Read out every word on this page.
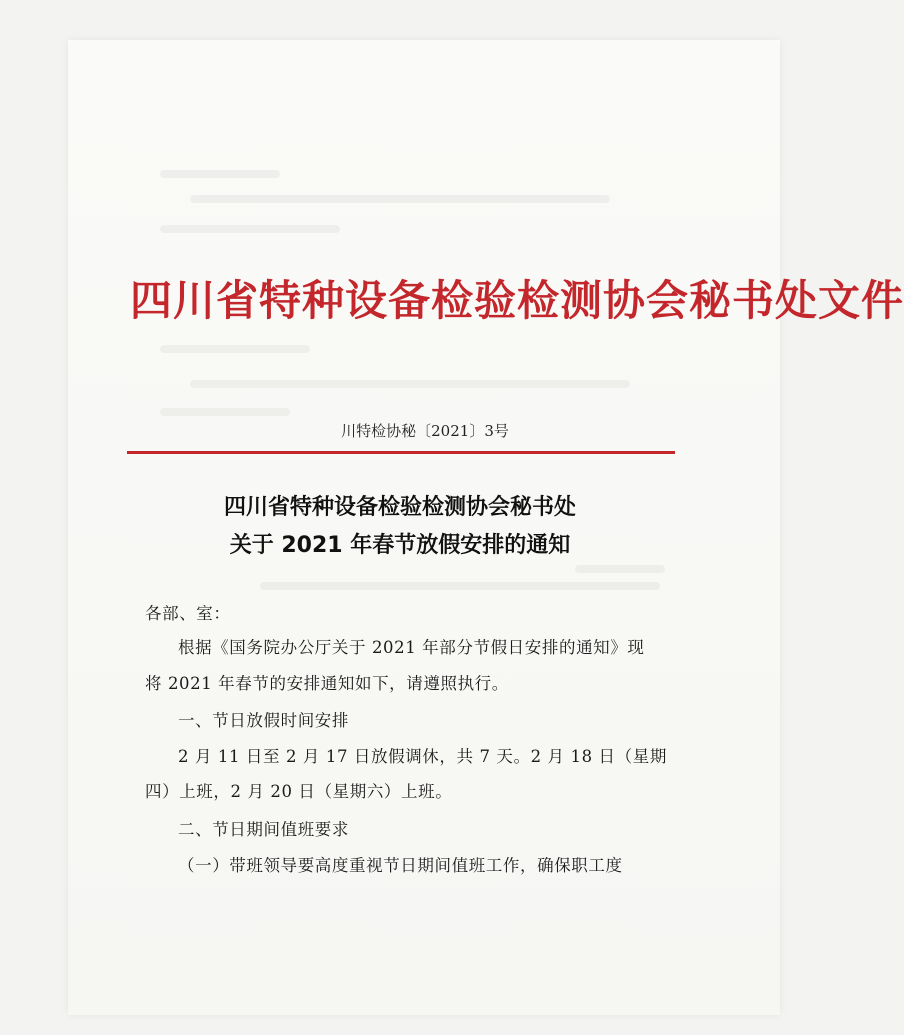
四川省特种设备检验检测协会秘书处文件
川特检协秘〔2021〕3号
四川省特种设备检验检测协会秘书处
关于 2021 年春节放假安排的通知
各部、室：
根据《国务院办公厅关于 2021 年部分节假日安排的通知》现
将 2021 年春节的安排通知如下，请遵照执行。
一、节日放假时间安排
2 月 11 日至 2 月 17 日放假调休，共 7 天。2 月 18 日（星期
四）上班，2 月 20 日（星期六）上班。
二、节日期间值班要求
（一）带班领导要高度重视节日期间值班工作，确保职工度
